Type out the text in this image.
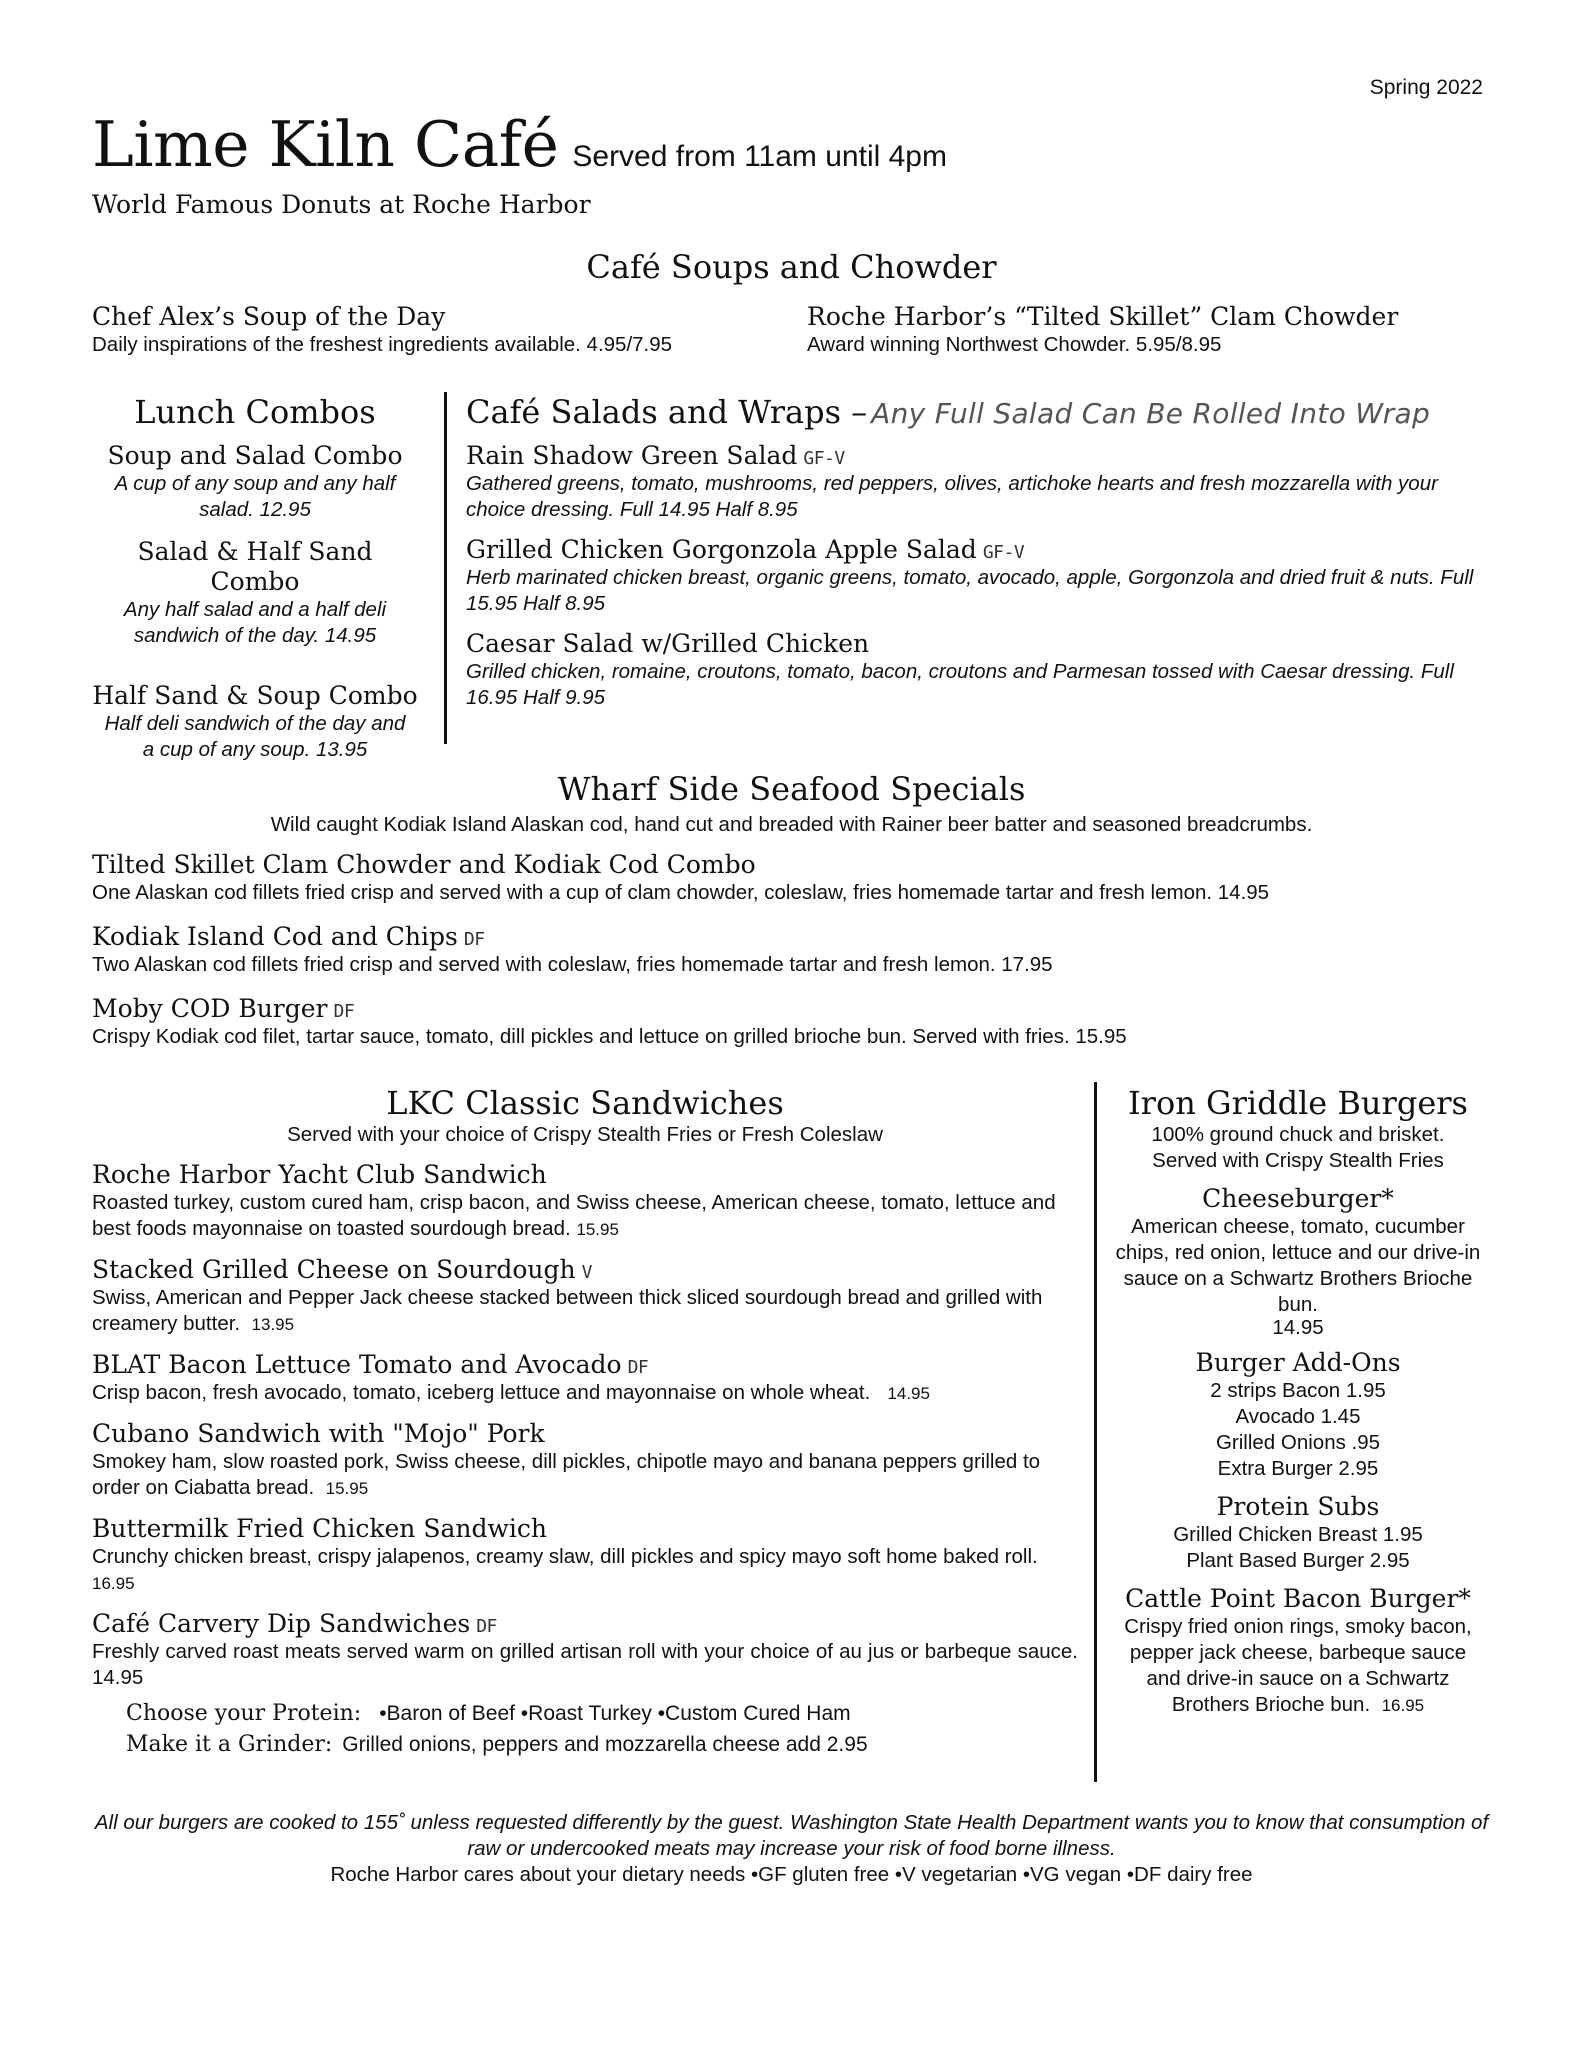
Spring 2022
Lime Kiln Café Served from 11am until 4pm
World Famous Donuts at Roche Harbor
Café Soups and Chowder
Chef Alex’s Soup of the Day
Daily inspirations of the freshest ingredients available. 4.95/7.95
Roche Harbor’s “Tilted Skillet” Clam Chowder
Award winning Northwest Chowder. 5.95/8.95
Lunch Combos
Soup and Salad Combo
A cup of any soup and any half salad. 12.95
Salad & Half Sand Combo
Any half salad and a half deli sandwich of the day. 14.95
Half Sand & Soup Combo
Half deli sandwich of the day and a cup of any soup. 13.95
Café Salads and Wraps – Any Full Salad Can Be Rolled Into Wrap
Rain Shadow Green Salad GF-V
Gathered greens, tomato, mushrooms, red peppers, olives, artichoke hearts and fresh mozzarella with your choice dressing. Full 14.95 Half 8.95
Grilled Chicken Gorgonzola Apple Salad GF-V
Herb marinated chicken breast, organic greens, tomato, avocado, apple, Gorgonzola and dried fruit & nuts. Full 15.95 Half 8.95
Caesar Salad w/Grilled Chicken
Grilled chicken, romaine, croutons, tomato, bacon, croutons and Parmesan tossed with Caesar dressing. Full 16.95 Half 9.95
Wharf Side Seafood Specials
Wild caught Kodiak Island Alaskan cod, hand cut and breaded with Rainer beer batter and seasoned breadcrumbs.
Tilted Skillet Clam Chowder and Kodiak Cod Combo
One Alaskan cod fillets fried crisp and served with a cup of clam chowder, coleslaw, fries homemade tartar and fresh lemon. 14.95
Kodiak Island Cod and Chips DF
Two Alaskan cod fillets fried crisp and served with coleslaw, fries homemade tartar and fresh lemon. 17.95
Moby COD Burger DF
Crispy Kodiak cod filet, tartar sauce, tomato, dill pickles and lettuce on grilled brioche bun. Served with fries. 15.95
LKC Classic Sandwiches
Served with your choice of Crispy Stealth Fries or Fresh Coleslaw
Roche Harbor Yacht Club Sandwich
Roasted turkey, custom cured ham, crisp bacon, and Swiss cheese, American cheese, tomato, lettuce and best foods mayonnaise on toasted sourdough bread. 15.95
Stacked Grilled Cheese on Sourdough V
Swiss, American and Pepper Jack cheese stacked between thick sliced sourdough bread and grilled with creamery butter. 13.95
BLAT Bacon Lettuce Tomato and Avocado DF
Crisp bacon, fresh avocado, tomato, iceberg lettuce and mayonnaise on whole wheat. 14.95
Cubano Sandwich with "Mojo" Pork
Smokey ham, slow roasted pork, Swiss cheese, dill pickles, chipotle mayo and banana peppers grilled to order on Ciabatta bread. 15.95
Buttermilk Fried Chicken Sandwich
Crunchy chicken breast, crispy jalapenos, creamy slaw, dill pickles and spicy mayo soft home baked roll. 16.95
Café Carvery Dip Sandwiches DF
Freshly carved roast meats served warm on grilled artisan roll with your choice of au jus or barbeque sauce. 14.95
Choose your Protein: •Baron of Beef •Roast Turkey •Custom Cured Ham
Make it a Grinder: Grilled onions, peppers and mozzarella cheese add 2.95
Iron Griddle Burgers
100% ground chuck and brisket.
Served with Crispy Stealth Fries
Cheeseburger*
American cheese, tomato, cucumber chips, red onion, lettuce and our drive-in sauce on a Schwartz Brothers Brioche bun.
14.95
Burger Add-Ons
2 strips Bacon 1.95
Avocado 1.45
Grilled Onions .95
Extra Burger 2.95
Protein Subs
Grilled Chicken Breast 1.95
Plant Based Burger 2.95
Cattle Point Bacon Burger*
Crispy fried onion rings, smoky bacon, pepper jack cheese, barbeque sauce and drive-in sauce on a Schwartz Brothers Brioche bun. 16.95
All our burgers are cooked to 155˚ unless requested differently by the guest. Washington State Health Department wants you to know that consumption of raw or undercooked meats may increase your risk of food borne illness.
Roche Harbor cares about your dietary needs •GF gluten free •V vegetarian •VG vegan •DF dairy free
